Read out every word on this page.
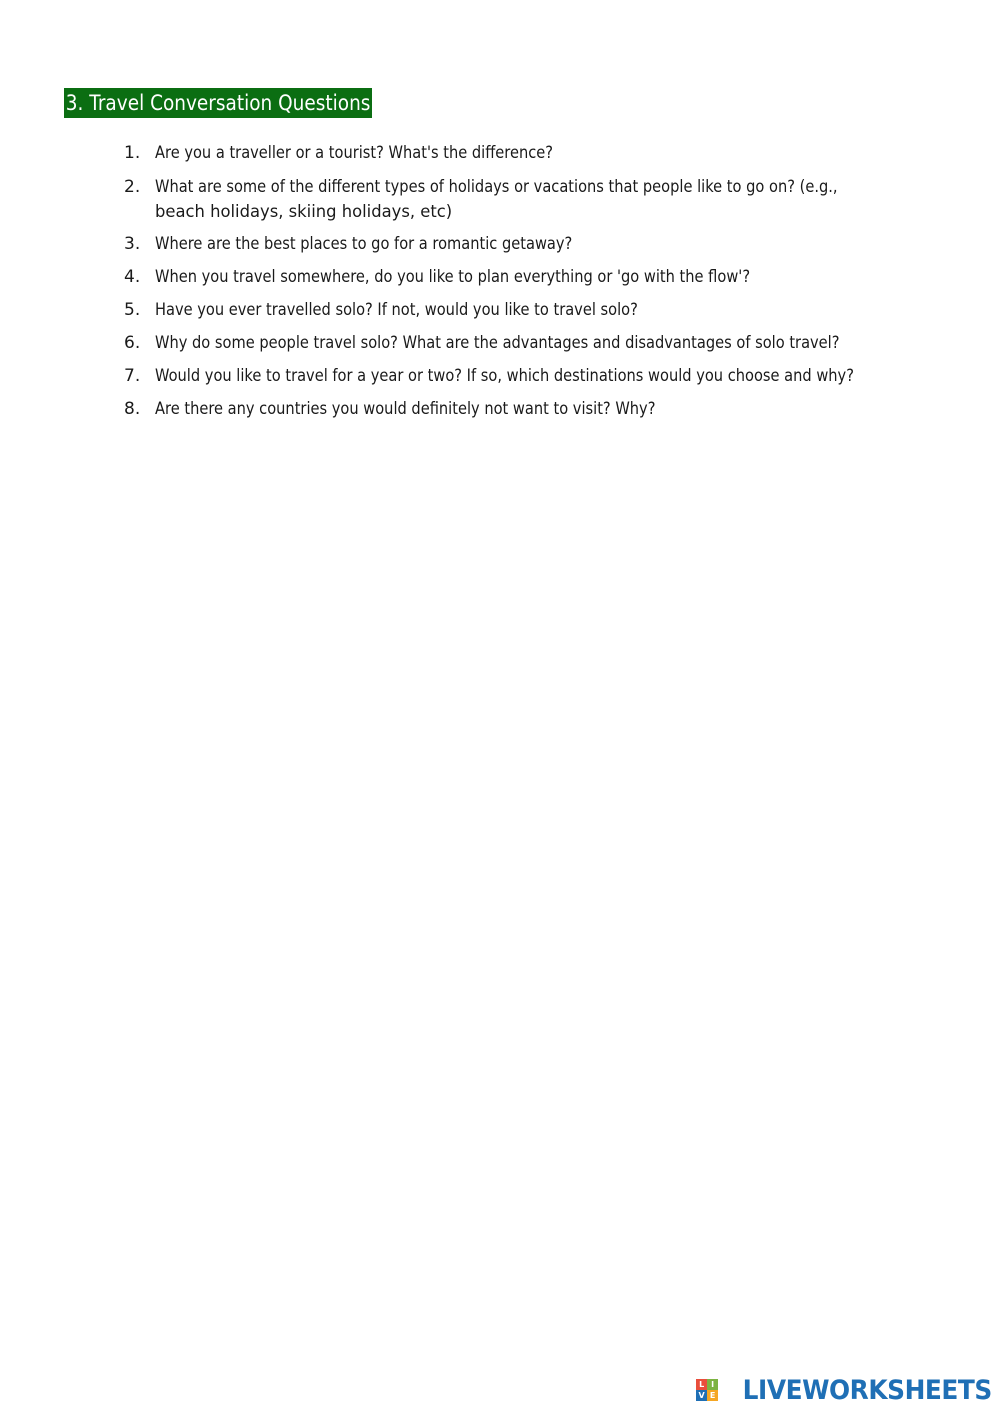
3. Travel Conversation Questions
1. Are you a traveller or a tourist? What's the difference?
2. What are some of the different types of holidays or vacations that people like to go on? (e.g.,
beach holidays, skiing holidays, etc)
3. Where are the best places to go for a romantic getaway?
4. When you travel somewhere, do you like to plan everything or 'go with the flow'?
5. Have you ever travelled solo? If not, would you like to travel solo?
6. Why do some people travel solo? What are the advantages and disadvantages of solo travel?
7. Would you like to travel for a year or two? If so, which destinations would you choose and why?
8. Are there any countries you would definitely not want to visit? Why?
L I
V E LIVEWORKSHEETS
